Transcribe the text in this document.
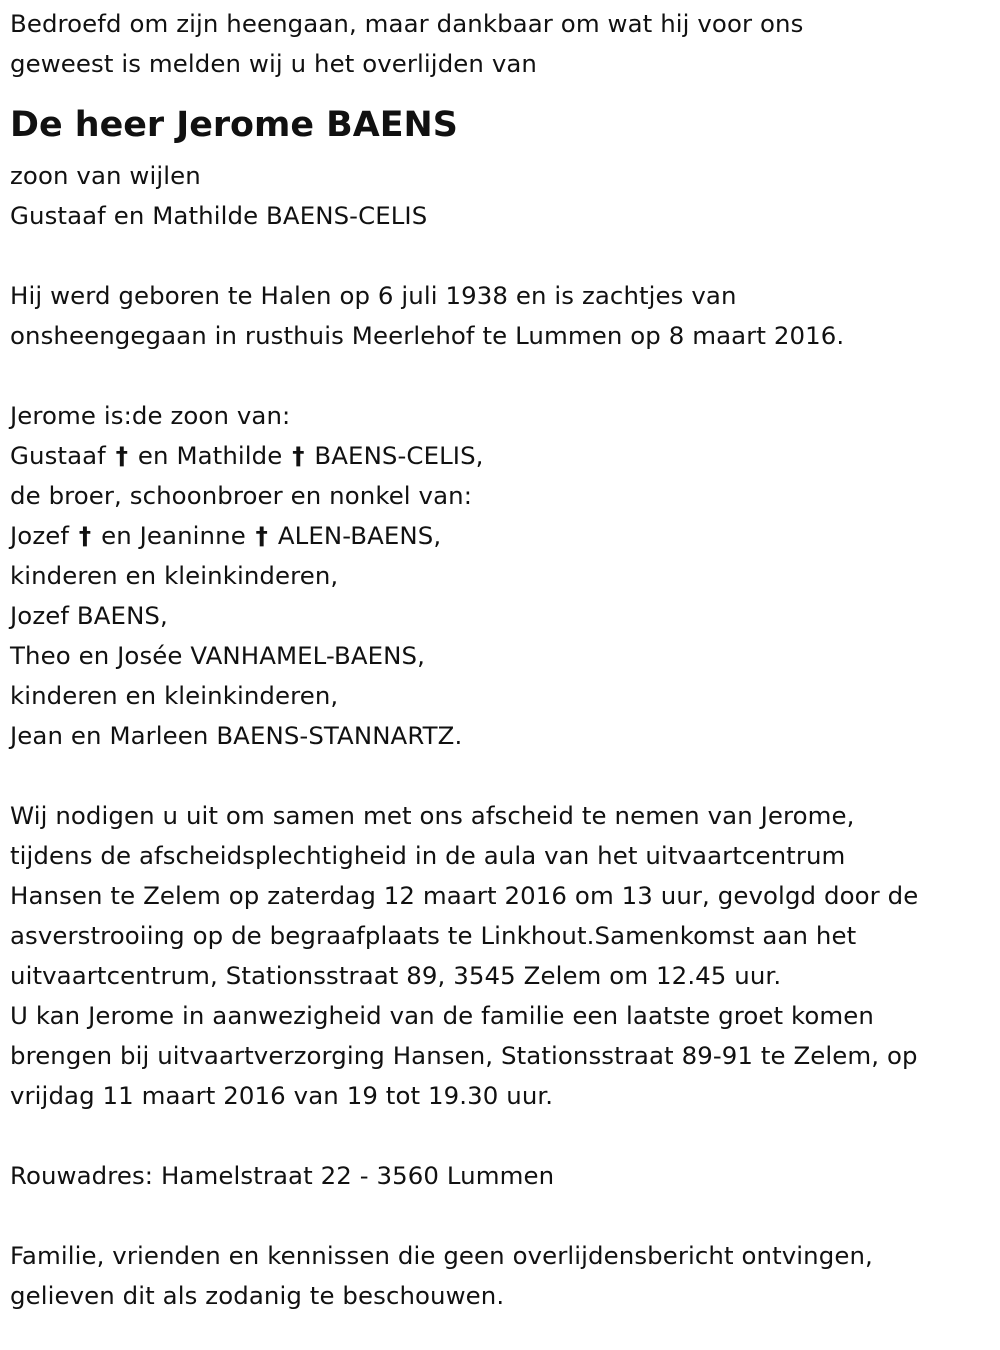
Bedroefd om zijn heengaan, maar dankbaar om wat hij voor ons
geweest is melden wij u het overlijden van
De heer Jerome BAENS
zoon van wijlen
Gustaaf en Mathilde BAENS-CELIS
Hij werd geboren te Halen op 6 juli 1938 en is zachtjes van
onsheengegaan in rusthuis Meerlehof te Lummen op 8 maart 2016.
Jerome is:de zoon van:
Gustaaf † en Mathilde † BAENS-CELIS,
de broer, schoonbroer en nonkel van:
Jozef † en Jeaninne † ALEN-BAENS,
kinderen en kleinkinderen,
Jozef BAENS,
Theo en Josée VANHAMEL-BAENS,
kinderen en kleinkinderen,
Jean en Marleen BAENS-STANNARTZ.
Wij nodigen u uit om samen met ons afscheid te nemen van Jerome,
tijdens de afscheidsplechtigheid in de aula van het uitvaartcentrum
Hansen te Zelem op zaterdag 12 maart 2016 om 13 uur, gevolgd door de
asverstrooiing op de begraafplaats te Linkhout.Samenkomst aan het
uitvaartcentrum, Stationsstraat 89, 3545 Zelem om 12.45 uur.
U kan Jerome in aanwezigheid van de familie een laatste groet komen
brengen bij uitvaartverzorging Hansen, Stationsstraat 89-91 te Zelem, op
vrijdag 11 maart 2016 van 19 tot 19.30 uur.
Rouwadres: Hamelstraat 22 - 3560 Lummen
Familie, vrienden en kennissen die geen overlijdensbericht ontvingen,
gelieven dit als zodanig te beschouwen.
